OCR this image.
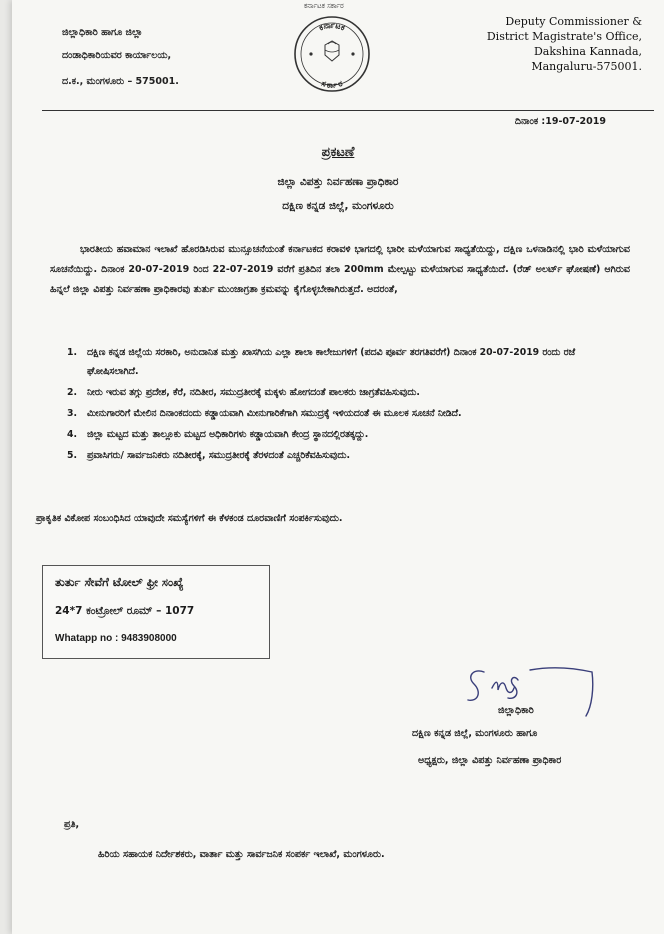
ಕರ್ನಾಟಕ ಸರ್ಕಾರ
ಜಿಲ್ಲಾಧಿಕಾರಿ ಹಾಗೂ ಜಿಲ್ಲಾ
ದಂಡಾಧಿಕಾರಿಯವರ ಕಾರ್ಯಾಲಯ,
ದ.ಕ., ಮಂಗಳೂರು – 575001.
ಕರ್ನಾಟಕ
ಸರ್ಕಾರ
Deputy Commissioner &
District Magistrate's Office,
Dakshina Kannada,
Mangaluru-575001.
ದಿನಾಂಕ :19-07-2019
ಪ್ರಕಟಣೆ
ಜಿಲ್ಲಾ ವಿಪತ್ತು ನಿರ್ವಹಣಾ ಪ್ರಾಧಿಕಾರ
ದಕ್ಷಿಣ ಕನ್ನಡ ಜಿಲ್ಲೆ, ಮಂಗಳೂರು
ಭಾರತೀಯ ಹವಾಮಾನ ಇಲಾಖೆ ಹೊರಡಿಸಿರುವ ಮುನ್ಸೂಚನೆಯಂತೆ ಕರ್ನಾಟಕದ ಕರಾವಳಿ ಭಾಗದಲ್ಲಿ ಭಾರೀ ಮಳೆಯಾಗುವ ಸಾಧ್ಯತೆಯಿದ್ದು, ದಕ್ಷಿಣ ಒಳನಾಡಿನಲ್ಲಿ ಭಾರಿ ಮಳೆಯಾಗುವ ಸೂಚನೆಯಿದ್ದು. ದಿನಾಂಕ 20-07-2019 ರಿಂದ 22-07-2019 ವರೆಗೆ ಪ್ರತಿದಿನ ತಲಾ 200mm ಮೇಲ್ಪಟ್ಟು ಮಳೆಯಾಗುವ ಸಾಧ್ಯತೆಯಿದೆ. (ರೆಡ್ ಅಲರ್ಟ್ ಘೋಷಣೆ) ಆಗಿರುವ ಹಿನ್ನಲೆ ಜಿಲ್ಲಾ ವಿಪತ್ತು ನಿರ್ವಹಣಾ ಪ್ರಾಧಿಕಾರವು ತುರ್ತು ಮುಂಜಾಗ್ರತಾ ಕ್ರಮವನ್ನು ಕೈಗೊಳ್ಳಬೇಕಾಗಿರುತ್ತದೆ. ಅದರಂತೆ,
1. ದಕ್ಷಿಣ ಕನ್ನಡ ಜಿಲ್ಲೆಯ ಸರಕಾರಿ, ಅನುದಾನಿತ ಮತ್ತು ಖಾಸಗಿಯ ಎಲ್ಲಾ ಶಾಲಾ ಕಾಲೇಜುಗಳಿಗೆ (ಪದವಿ ಪೂರ್ವ ತರಗತಿವರೆಗೆ) ದಿನಾಂಕ 20-07-2019 ರಂದು ರಜೆ ಘೋಷಿಸಲಾಗಿದೆ.
2. ನೀರು ಇರುವ ತಗ್ಗು ಪ್ರದೇಶ, ಕೆರೆ, ನದಿತೀರ, ಸಮುದ್ರತೀರಕ್ಕೆ ಮಕ್ಕಳು ಹೋಗದಂತೆ ಪಾಲಕರು ಜಾಗ್ರತೆವಹಿಸುವುದು.
3. ಮೀನುಗಾರರಿಗೆ ಮೇಲಿನ ದಿನಾಂಕದಂದು ಕಡ್ಡಾಯವಾಗಿ ಮೀನುಗಾರಿಕೆಗಾಗಿ ಸಮುದ್ರಕ್ಕೆ ಇಳಿಯದಂತೆ ಈ ಮೂಲಕ ಸೂಚನೆ ನೀಡಿದೆ.
4. ಜಿಲ್ಲಾ ಮಟ್ಟದ ಮತ್ತು ತಾಲ್ಲೂಕು ಮಟ್ಟದ ಅಧಿಕಾರಿಗಳು ಕಡ್ಡಾಯವಾಗಿ ಕೇಂದ್ರ ಸ್ಥಾನದಲ್ಲಿರತಕ್ಕದ್ದು.
5. ಪ್ರವಾಸಿಗರು/ ಸಾರ್ವಜನಿಕರು ನದಿತೀರಕ್ಕೆ, ಸಮುದ್ರತೀರಕ್ಕೆ ತೆರಳದಂತೆ ಎಚ್ಚರಿಕೆವಹಿಸುವುದು.
ಪ್ರಾಕೃತಿಕ ವಿಕೋಪ ಸಂಬಂಧಿಸಿದ ಯಾವುದೇ ಸಮಸ್ಯೆಗಳಿಗೆ ಈ ಕೆಳಕಂಡ ದೂರವಾಣಿಗೆ ಸಂಪರ್ಕಿಸುವುದು.
ತುರ್ತು ಸೇವೆಗೆ ಟೋಲ್ ಫ್ರೀ ಸಂಖ್ಯೆ
24*7 ಕಂಟ್ರೋಲ್ ರೂಮ್ – 1077
Whatapp no : 9483908000
ಜಿಲ್ಲಾಧಿಕಾರಿ
ದಕ್ಷಿಣ ಕನ್ನಡ ಜಿಲ್ಲೆ, ಮಂಗಳೂರು ಹಾಗೂ
ಅಧ್ಯಕ್ಷರು, ಜಿಲ್ಲಾ ವಿಪತ್ತು ನಿರ್ವಹಣಾ ಪ್ರಾಧಿಕಾರ
ಪ್ರತಿ,
ಹಿರಿಯ ಸಹಾಯಕ ನಿರ್ದೇಶಕರು, ವಾರ್ತಾ ಮತ್ತು ಸಾರ್ವಜನಿಕ ಸಂಪರ್ಕ ಇಲಾಖೆ, ಮಂಗಳೂರು.
